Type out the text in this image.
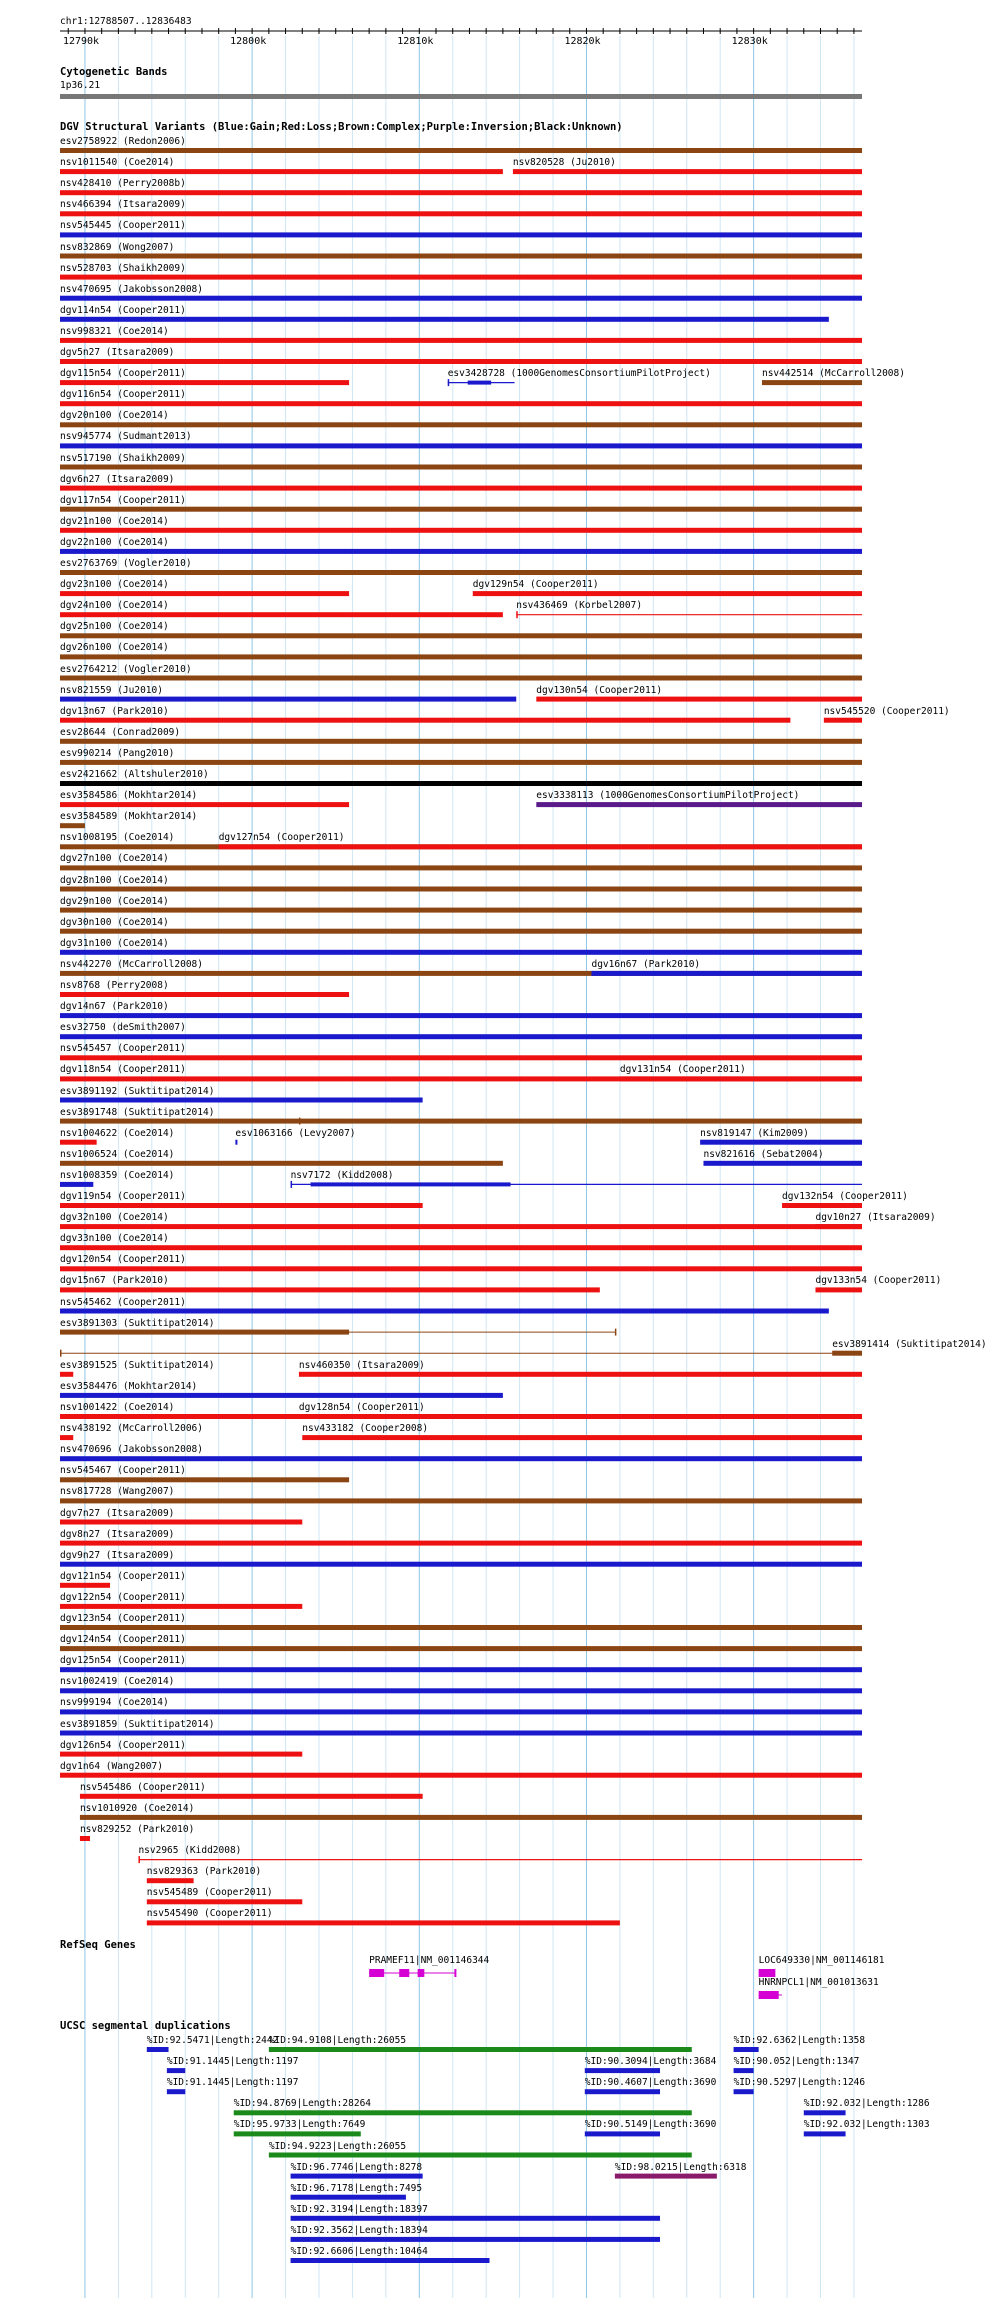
chr1:12788507..12836483
12790k	12800k	12810k	12820k	12830k
Cytogenetic Bands
1p36.21
DGV Structural Variants (Blue:Gain;Red:Loss;Brown:Complex;Purple:Inversion;Black:Unknown)
esv2758922 (Redon2006)
nsv1011540 (Coe2014)	nsv820528 (Ju2010)
nsv428410 (Perry2008b)
nsv466394 (Itsara2009)
nsv545445 (Cooper2011)
nsv832869 (Wong2007)
nsv528703 (Shaikh2009)
nsv470695 (Jakobsson2008)
dgv114n54 (Cooper2011)
nsv998321 (Coe2014)
dgv5n27 (Itsara2009)
dgv115n54 (Cooper2011)	esv3428728 (1000GenomesConsortiumPilotProject)	nsv442514 (McCarroll2008)
dgv116n54 (Cooper2011)
dgv20n100 (Coe2014)
nsv945774 (Sudmant2013)
nsv517190 (Shaikh2009)
dgv6n27 (Itsara2009)
dgv117n54 (Cooper2011)
dgv21n100 (Coe2014)
dgv22n100 (Coe2014)
esv2763769 (Vogler2010)
dgv23n100 (Coe2014)	dgv129n54 (Cooper2011)
dgv24n100 (Coe2014)	nsv436469 (Korbel2007)
dgv25n100 (Coe2014)
dgv26n100 (Coe2014)
esv2764212 (Vogler2010)
nsv821559 (Ju2010)	dgv130n54 (Cooper2011)
dgv13n67 (Park2010)	nsv545520 (Cooper2011)
esv28644 (Conrad2009)
esv990214 (Pang2010)
esv2421662 (Altshuler2010)
esv3584586 (Mokhtar2014)	esv3338113 (1000GenomesConsortiumPilotProject)
esv3584589 (Mokhtar2014)
nsv1008195 (Coe2014)	dgv127n54 (Cooper2011)
dgv27n100 (Coe2014)
dgv28n100 (Coe2014)
dgv29n100 (Coe2014)
dgv30n100 (Coe2014)
dgv31n100 (Coe2014)
nsv442270 (McCarroll2008)	dgv16n67 (Park2010)
nsv8768 (Perry2008)
dgv14n67 (Park2010)
esv32750 (deSmith2007)
nsv545457 (Cooper2011)
dgv118n54 (Cooper2011)	dgv131n54 (Cooper2011)
esv3891192 (Suktitipat2014)
esv3891748 (Suktitipat2014)
nsv1004622 (Coe2014)	esv1063166 (Levy2007)	nsv819147 (Kim2009)
nsv1006524 (Coe2014)	nsv821616 (Sebat2004)
nsv1008359 (Coe2014)	nsv7172 (Kidd2008)
dgv119n54 (Cooper2011)	dgv132n54 (Cooper2011)
dgv32n100 (Coe2014)	dgv10n27 (Itsara2009)
dgv33n100 (Coe2014)
dgv120n54 (Cooper2011)
dgv15n67 (Park2010)	dgv133n54 (Cooper2011)
nsv545462 (Cooper2011)
esv3891303 (Suktitipat2014)
esv3891414 (Suktitipat2014)
esv3891525 (Suktitipat2014)	nsv460350 (Itsara2009)
esv3584476 (Mokhtar2014)
nsv1001422 (Coe2014)	dgv128n54 (Cooper2011)
nsv438192 (McCarroll2006)	nsv433182 (Cooper2008)
nsv470696 (Jakobsson2008)
nsv545467 (Cooper2011)
nsv817728 (Wang2007)
dgv7n27 (Itsara2009)
dgv8n27 (Itsara2009)
dgv9n27 (Itsara2009)
dgv121n54 (Cooper2011)
dgv122n54 (Cooper2011)
dgv123n54 (Cooper2011)
dgv124n54 (Cooper2011)
dgv125n54 (Cooper2011)
nsv1002419 (Coe2014)
nsv999194 (Coe2014)
esv3891859 (Suktitipat2014)
dgv126n54 (Cooper2011)
dgv1n64 (Wang2007)
nsv545486 (Cooper2011)
nsv1010920 (Coe2014)
nsv829252 (Park2010)
nsv2965 (Kidd2008)
nsv829363 (Park2010)
nsv545489 (Cooper2011)
nsv545490 (Cooper2011)
PRAMEF11|NM_001146344	LOC649330|NM_001146181
HNRNPCL1|NM_001013631
%ID:92.5471|Length:2442
%ID:94.9108|Length:26055	%ID:92.6362|Length:1358
%ID:91.1445|Length:1197	%ID:90.3094|Length:3684 %ID:90.052|Length:1347
%ID:91.1445|Length:1197	%ID:90.4607|Length:3690 %ID:90.5297|Length:1246
%ID:94.8769|Length:28264	%ID:92.032|Length:1286
%ID:95.9733|Length:7649	%ID:90.5149|Length:3690	%ID:92.032|Length:1303
%ID:94.9223|Length:26055
%ID:96.7746|Length:8278	%ID:98.0215|Length:6318
%ID:96.7178|Length:7495
%ID:92.3194|Length:18397
%ID:92.3562|Length:18394
%ID:92.6606|Length:10464
RefSeq Genes
UCSC segmental duplications
